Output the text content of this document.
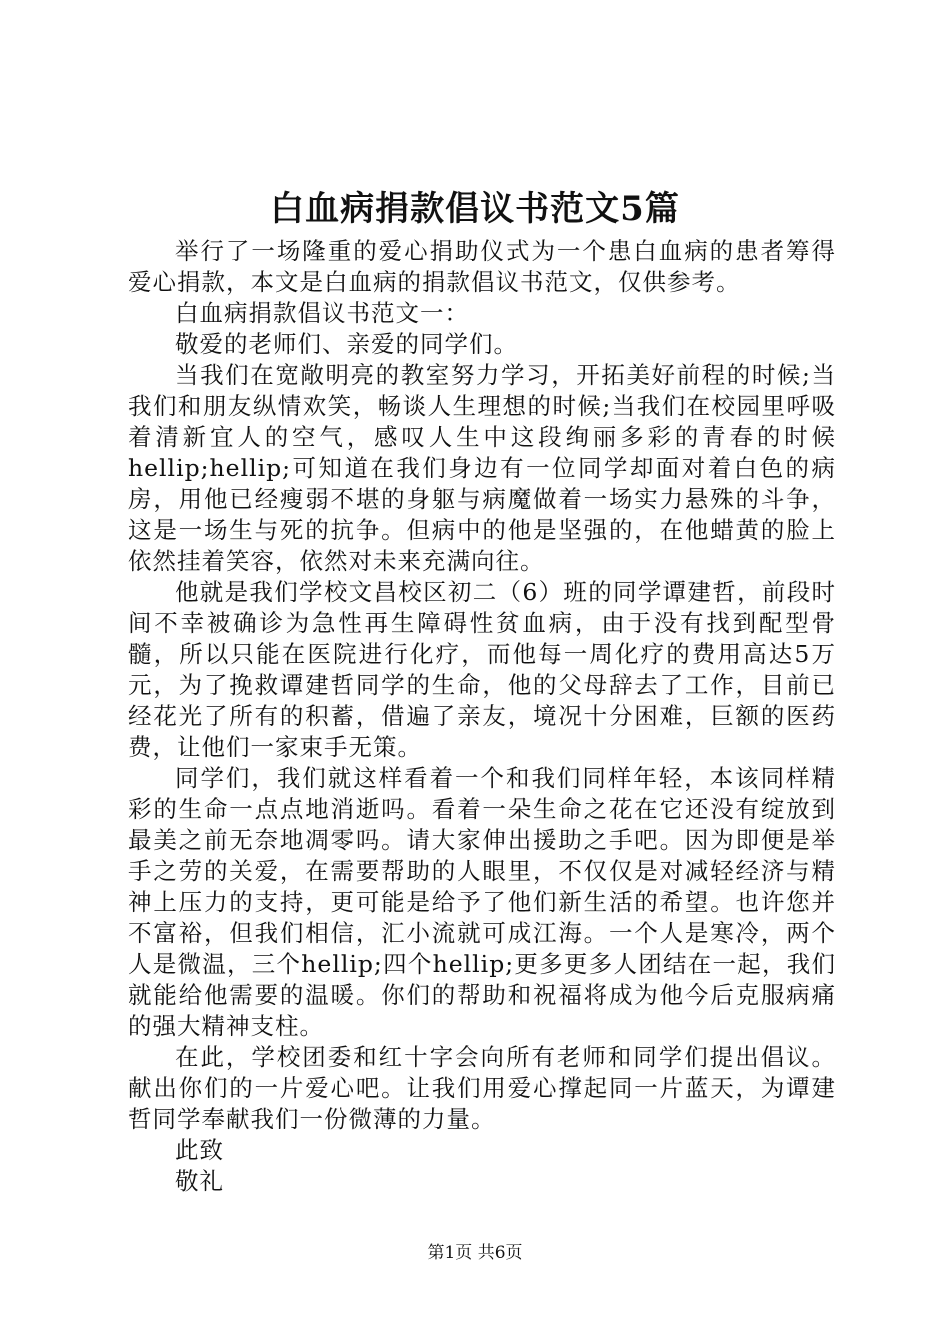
白血病捐款倡议书范文5篇

举行了一场隆重的爱心捐助仪式为一个患白血病的患者筹得爱心捐款，本文是白血病的捐款倡议书范文，仅供参考。

白血病捐款倡议书范文一：

敬爱的老师们、亲爱的同学们。

当我们在宽敞明亮的教室努力学习，开拓美好前程的时候;当我们和朋友纵情欢笑，畅谈人生理想的时候;当我们在校园里呼吸着清新宜人的空气，感叹人生中这段绚丽多彩的青春的时候hellip;hellip;可知道在我们身边有一位同学却面对着白色的病房，用他已经瘦弱不堪的身躯与病魔做着一场实力悬殊的斗争，这是一场生与死的抗争。但病中的他是坚强的，在他蜡黄的脸上依然挂着笑容，依然对未来充满向往。

他就是我们学校文昌校区初二（6）班的同学谭建哲，前段时间不幸被确诊为急性再生障碍性贫血病，由于没有找到配型骨髓，所以只能在医院进行化疗，而他每一周化疗的费用高达5万元，为了挽救谭建哲同学的生命，他的父母辞去了工作，目前已经花光了所有的积蓄，借遍了亲友，境况十分困难，巨额的医药费，让他们一家束手无策。

同学们，我们就这样看着一个和我们同样年轻，本该同样精彩的生命一点点地消逝吗。看着一朵生命之花在它还没有绽放到最美之前无奈地凋零吗。请大家伸出援助之手吧。因为即便是举手之劳的关爱，在需要帮助的人眼里，不仅仅是对减轻经济与精神上压力的支持，更可能是给予了他们新生活的希望。也许您并不富裕，但我们相信，汇小流就可成江海。一个人是寒冷，两个人是微温，三个hellip;四个hellip;更多更多人团结在一起，我们就能给他需要的温暖。你们的帮助和祝福将成为他今后克服病痛的强大精神支柱。

在此，学校团委和红十字会向所有老师和同学们提出倡议。献出你们的一片爱心吧。让我们用爱心撑起同一片蓝天，为谭建哲同学奉献我们一份微薄的力量。

此致

敬礼

第1页 共6页
